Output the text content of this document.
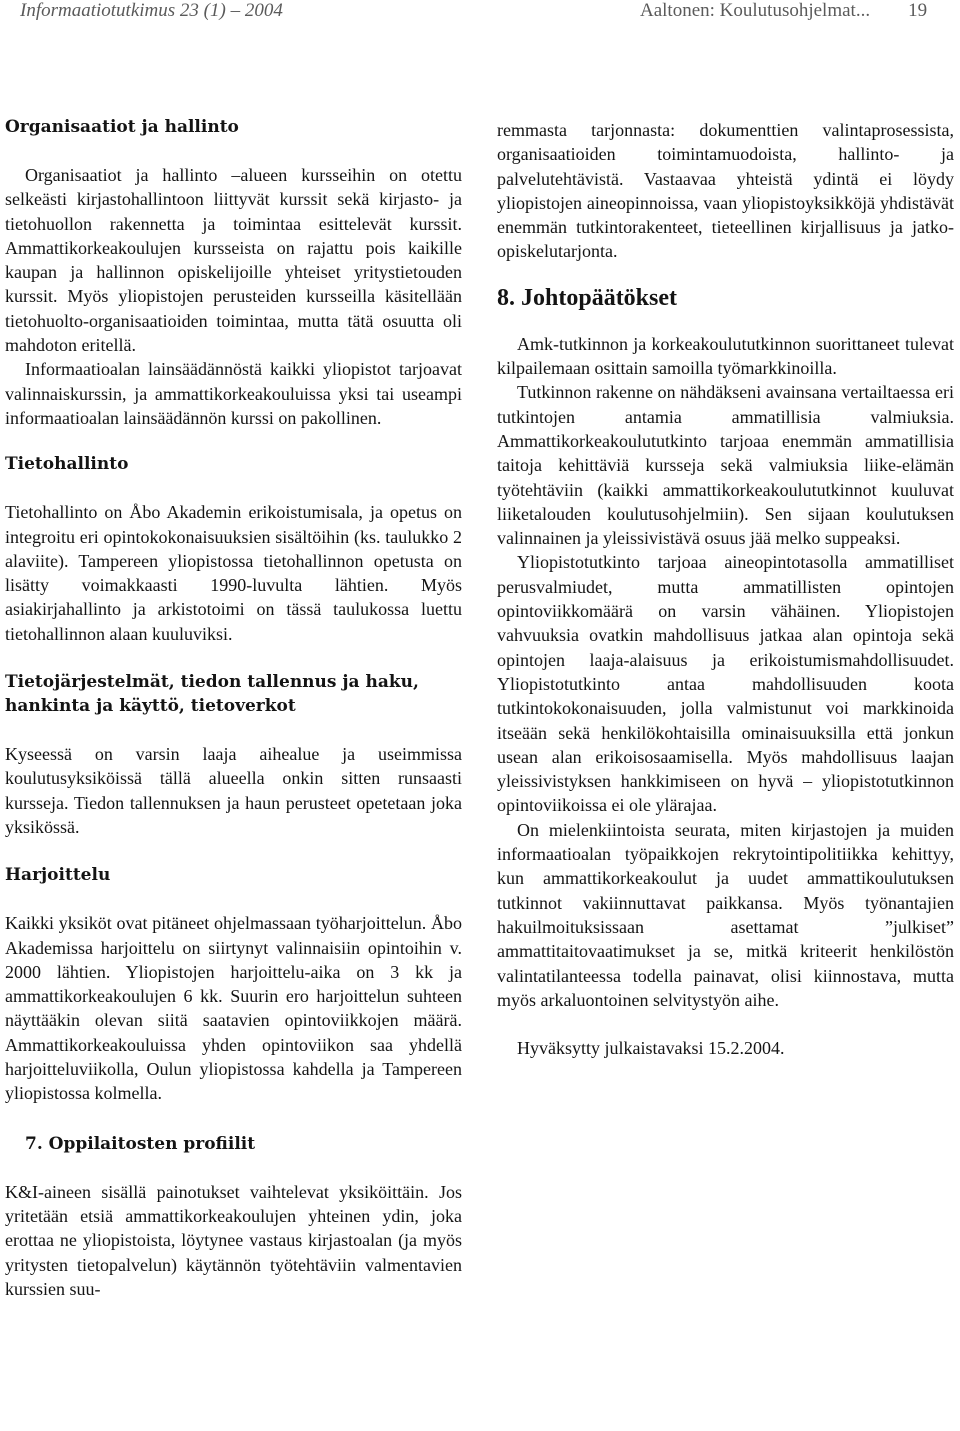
Informaatiotutkimus 23 (1) – 2004	Aaltonen: Koulutusohjelmat... 19
Organisaatiot ja hallinto

Organisaatiot ja hallinto –alueen kursseihin on otettu selkeästi kirjastohallintoon liittyvät kurssit sekä kirjasto- ja tietohuollon rakennetta ja toimintaa esittelevät kurssit. Ammattikorkeakoulujen kursseista on rajattu pois kaikille kaupan ja hallinnon opiskelijoille yhteiset yritystietouden kurssit. Myös yliopistojen perusteiden kursseilla käsitellään tietohuolto-organisaatioiden toimintaa, mutta tätä osuutta oli mahdoton eritellä.

Informaatioalan lainsäädännöstä kaikki yliopistot tarjoavat valinnaiskurssin, ja ammattikorkeakouluissa yksi tai useampi informaatioalan lainsäädännön kurssi on pakollinen.

Tietohallinto

Tietohallinto on Åbo Akademin erikoistumisala, ja opetus on integroitu eri opintokokonaisuuksien sisältöihin (ks. taulukko 2 alaviite). Tampereen yliopistossa tietohallinnon opetusta on lisätty voimakkaasti 1990-luvulta lähtien. Myös asiakirjahallinto ja arkistotoimi on tässä taulukossa luettu tietohallinnon alaan kuuluviksi.

Tietojärjestelmät, tiedon tallennus ja haku,
hankinta ja käyttö, tietoverkot

Kyseessä on varsin laaja aihealue ja useimmissa koulutusyksiköissä tällä alueella onkin sitten runsaasti kursseja. Tiedon tallennuksen ja haun perusteet opetetaan joka yksikössä.

Harjoittelu

Kaikki yksiköt ovat pitäneet ohjelmassaan työharjoittelun. Åbo Akademissa harjoittelu on siirtynyt valinnaisiin opintoihin v. 2000 lähtien. Yliopistojen harjoittelu-aika on 3 kk ja ammattikorkeakoulujen 6 kk. Suurin ero harjoittelun suhteen näyttääkin olevan siitä saatavien opintoviikkojen määrä. Ammattikorkeakouluissa yhden opintoviikon saa yhdellä harjoitteluviikolla, Oulun yliopistossa kahdella ja Tampereen yliopistossa kolmella.

7. Oppilaitosten profiilit

K&I-aineen sisällä painotukset vaihtelevat yksiköittäin. Jos yritetään etsiä ammattikorkeakoulujen yhteinen ydin, joka erottaa ne yliopistoista, löytynee vastaus kirjastoalan (ja myös yritysten tietopalvelun) käytännön työtehtäviin valmentavien kurssien suu-

remmasta tarjonnasta: dokumenttien valintaprosessista, organisaatioiden toimintamuodoista, hallinto- ja palvelutehtävistä. Vastaavaa yhteistä ydintä ei löydy yliopistojen aineopinnoissa, vaan yliopistoyksikköjä yhdistävät enemmän tutkintorakenteet, tieteellinen kirjallisuus ja jatko-opiskelutarjonta.

8. Johtopäätökset

Amk-tutkinnon ja korkeakoulututkinnon suorittaneet tulevat kilpailemaan osittain samoilla työmarkkinoilla.

Tutkinnon rakenne on nähdäkseni avainsana vertailtaessa eri tutkintojen antamia ammatillisia valmiuksia. Ammattikorkeakoulututkinto tarjoaa enemmän ammatillisia taitoja kehittäviä kursseja sekä valmiuksia liike-elämän työtehtäviin (kaikki ammattikorkeakoulututkinnot kuuluvat liiketalouden koulutusohjelmiin). Sen sijaan koulutuksen valinnainen ja yleissivistävä osuus jää melko suppeaksi.

Yliopistotutkinto tarjoaa aineopintotasolla ammatilliset perusvalmiudet, mutta ammatillisten opintojen opintoviikkomäärä on varsin vähäinen. Yliopistojen vahvuuksia ovatkin mahdollisuus jatkaa alan opintoja sekä opintojen laaja-alaisuus ja erikoistumismahdollisuudet. Yliopistotutkinto antaa mahdollisuuden koota tutkintokokonaisuuden, jolla valmistunut voi markkinoida itseään sekä henkilökohtaisilla ominaisuuksilla että jonkun usean alan erikoisosaamisella. Myös mahdollisuus laajan yleissivistyksen hankkimiseen on hyvä – yliopistotutkinnon opintoviikoissa ei ole ylärajaa.

On mielenkiintoista seurata, miten kirjastojen ja muiden informaatioalan työpaikkojen rekrytointipolitiikka kehittyy, kun ammattikorkeakoulut ja uudet ammattikoulutuksen tutkinnot vakiinnuttavat paikkansa. Myös työnantajien hakuilmoituksissaan asettamat ”julkiset” ammattitaitovaatimukset ja se, mitkä kriteerit henkilöstön valintatilanteessa todella painavat, olisi kiinnostava, mutta myös arkaluontoinen selvitystyön aihe.

Hyväksytty julkaistavaksi 15.2.2004.
